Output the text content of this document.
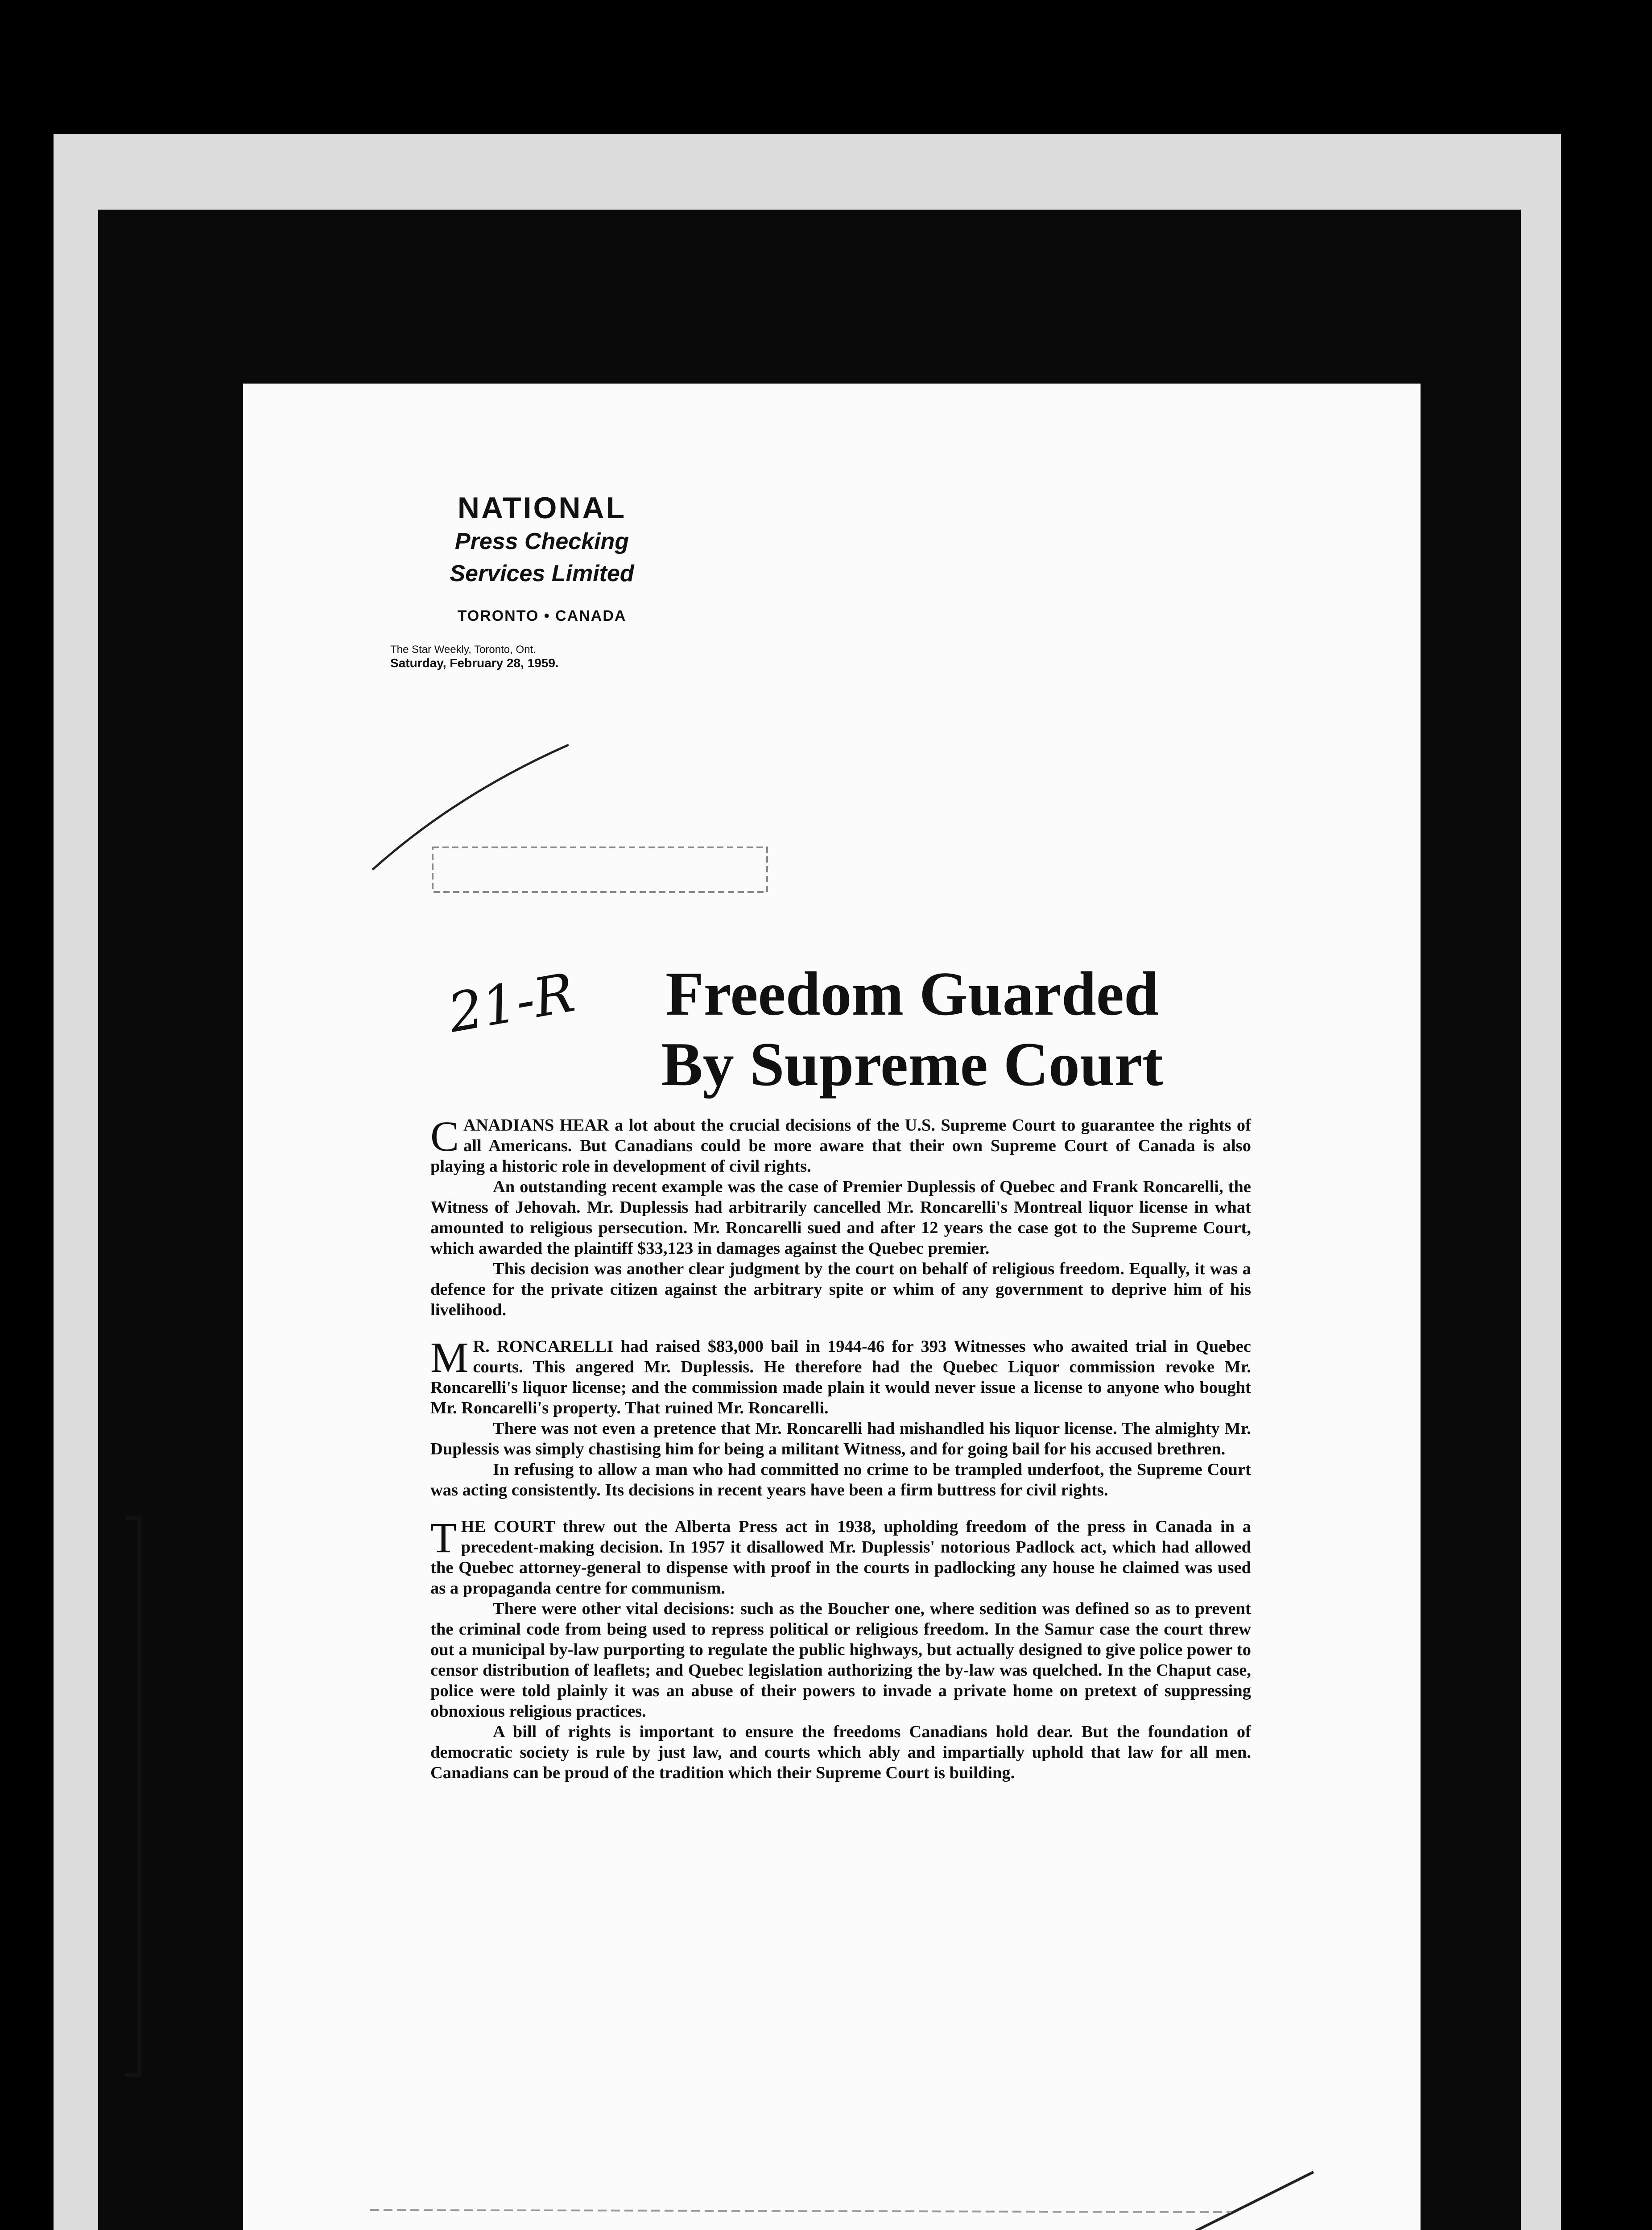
NATIONAL
Press Checking
Services Limited
TORONTO • CANADA
The Star Weekly, Toronto, Ont.
Saturday, February 28, 1959.
21-R	Freedom Guarded
By Supreme Court

CANADIANS HEAR a lot about the crucial decisions of the U.S. Supreme Court to guarantee the rights of all Americans. But Canadians could be more aware that their own Supreme Court of Canada is also playing a historic role in development of civil rights.

An outstanding recent example was the case of Premier Duplessis of Quebec and Frank Roncarelli, the Witness of Jehovah. Mr. Duplessis had arbitrarily cancelled Mr. Roncarelli's Montreal liquor license in what amounted to religious persecution. Mr. Roncarelli sued and after 12 years the case got to the Supreme Court, which awarded the plaintiff $33,123 in damages against the Quebec premier.

This decision was another clear judgment by the court on behalf of religious freedom. Equally, it was a defence for the private citizen against the arbitrary spite or whim of any government to deprive him of his livelihood.

M R. RONCARELLI had raised $83,000 bail in 1944-46 for 393 Witnesses who awaited trial in Quebec courts. This angered Mr. Duplessis. He therefore had the Quebec Liquor commission revoke Mr. Roncarelli's liquor license; and the commission made plain it would never issue a license to anyone who bought Mr. Roncarelli's property. That ruined Mr. Roncarelli.

There was not even a pretence that Mr. Roncarelli had mishandled his liquor license. The almighty Mr. Duplessis was simply chastising him for being a militant Witness, and for going bail for his accused brethren.

In refusing to allow a man who had committed no crime to be trampled underfoot, the Supreme Court was acting consistently. Its decisions in recent years have been a firm buttress for civil rights.

THE COURT threw out the Alberta Press act in 1938, upholding freedom of the press in Canada in a precedent-making decision. In 1957 it disallowed Mr. Duplessis' notorious Padlock act, which had allowed the Quebec attorney-general to dispense with proof in the courts in padlocking any house he claimed was used as a propaganda centre for communism.

There were other vital decisions: such as the Boucher one, where sedition was defined so as to prevent the criminal code from being used to repress political or religious freedom. In the Samur case the court threw out a municipal by-law purporting to regulate the public highways, but actually designed to give police power to censor distribution of leaflets; and Quebec legislation authorizing the by-law was quelched. In the Chaput case, police were told plainly it was an abuse of their powers to invade a private home on pretext of suppressing obnoxious religious practices.

A bill of rights is important to ensure the freedoms Canadians hold dear. But the foundation of democratic society is rule by just law, and courts which ably and impartially uphold that law for all men. Canadians can be proud of the tradition which their Supreme Court is building.
